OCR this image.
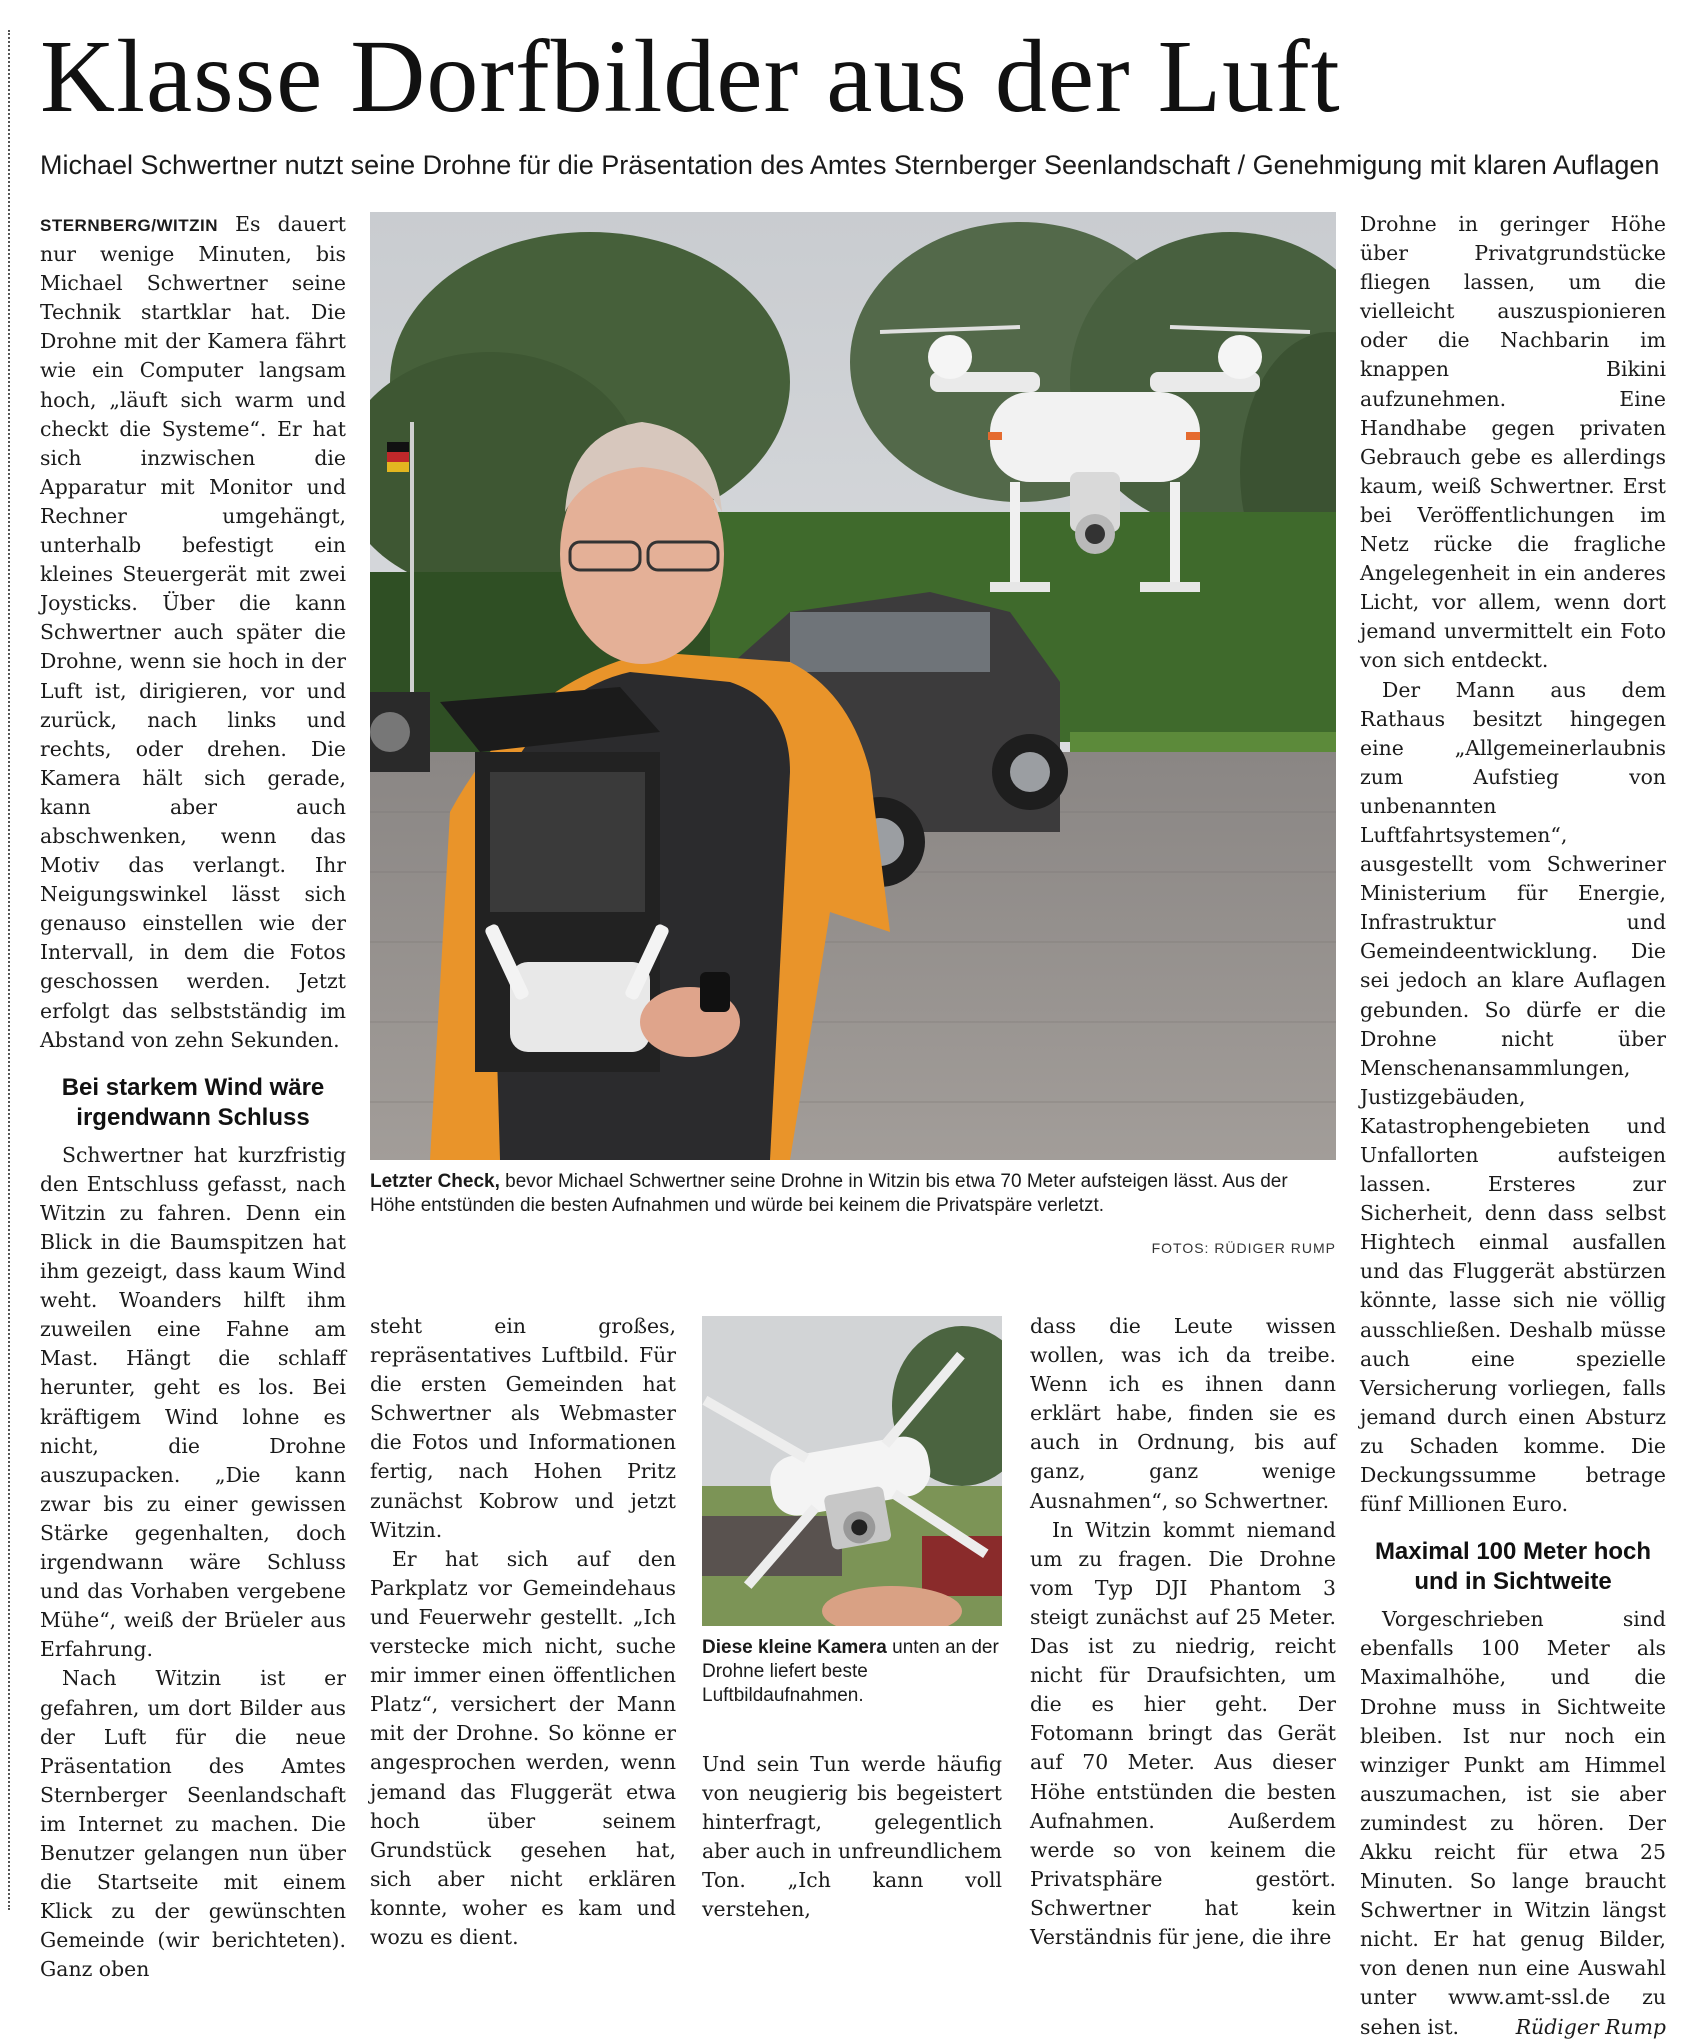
Klasse Dorfbilder aus der Luft
Michael Schwertner nutzt seine Drohne für die Präsentation des Amtes Sternberger Seenlandschaft / Genehmigung mit klaren Auflagen

STERNBERG/WITZIN Es dauert nur wenige Minuten, bis Michael Schwertner seine Technik startklar hat. Die Drohne mit der Kamera fährt wie ein Computer langsam hoch, „läuft sich warm und checkt die Systeme“. Er hat sich inzwischen die Apparatur mit Monitor und Rechner umgehängt, unterhalb befestigt ein kleines Steuergerät mit zwei Joysticks. Über die kann Schwertner auch später die Drohne, wenn sie hoch in der Luft ist, dirigieren, vor und zurück, nach links und rechts, oder drehen. Die Kamera hält sich gerade, kann aber auch abschwenken, wenn das Motiv das verlangt. Ihr Neigungswinkel lässt sich genauso einstellen wie der Intervall, in dem die Fotos geschossen werden. Jetzt erfolgt das selbstständig im Abstand von zehn Sekunden.

Bei starkem Wind wäre irgendwann Schluss

Schwertner hat kurzfristig den Entschluss gefasst, nach Witzin zu fahren. Denn ein Blick in die Baumspitzen hat ihm gezeigt, dass kaum Wind weht. Woanders hilft ihm zuweilen eine Fahne am Mast. Hängt die schlaff herunter, geht es los. Bei kräftigem Wind lohne es nicht, die Drohne auszupacken. „Die kann zwar bis zu einer gewissen Stärke gegenhalten, doch irgendwann wäre Schluss und das Vorhaben vergebene Mühe“, weiß der Brüeler aus Erfahrung.

Nach Witzin ist er gefahren, um dort Bilder aus der Luft für die neue Präsentation des Amtes Sternberger Seenlandschaft im Internet zu machen. Die Benutzer gelangen nun über die Startseite mit einem Klick zu der gewünschten Gemeinde (wir berichteten). Ganz oben

Letzter Check, bevor Michael Schwertner seine Drohne in Witzin bis etwa 70 Meter aufsteigen lässt. Aus der Höhe entstünden die besten Aufnahmen und würde bei keinem die Privatspäre verletzt.
FOTOS: RÜDIGER RUMP

steht ein großes, repräsentatives Luftbild. Für die ersten Gemeinden hat Schwertner als Webmaster die Fotos und Informationen fertig, nach Hohen Pritz zunächst Kobrow und jetzt Witzin.

Er hat sich auf den Parkplatz vor Gemeindehaus und Feuerwehr gestellt. „Ich verstecke mich nicht, suche mir immer einen öffentlichen Platz“, versichert der Mann mit der Drohne. So könne er angesprochen werden, wenn jemand das Fluggerät etwa hoch über seinem Grundstück gesehen hat, sich aber nicht erklären konnte, woher es kam und wozu es dient.

Diese kleine Kamera unten an der Drohne liefert beste Luftbildaufnahmen.

Und sein Tun werde häufig von neugierig bis begeistert hinterfragt, gelegentlich aber auch in unfreundlichem Ton. „Ich kann voll verstehen,

dass die Leute wissen wollen, was ich da treibe. Wenn ich es ihnen dann erklärt habe, finden sie es auch in Ordnung, bis auf ganz, ganz wenige Ausnahmen“, so Schwertner.

In Witzin kommt niemand um zu fragen. Die Drohne vom Typ DJI Phantom 3 steigt zunächst auf 25 Meter. Das ist zu niedrig, reicht nicht für Draufsichten, um die es hier geht. Der Fotomann bringt das Gerät auf 70 Meter. Aus dieser Höhe entstünden die besten Aufnahmen. Außerdem werde so von keinem die Privatsphäre gestört. Schwertner hat kein Verständnis für jene, die ihre

Drohne in geringer Höhe über Privatgrundstücke fliegen lassen, um die vielleicht auszuspionieren oder die Nachbarin im knappen Bikini aufzunehmen. Eine Handhabe gegen privaten Gebrauch gebe es allerdings kaum, weiß Schwertner. Erst bei Veröffentlichungen im Netz rücke die fragliche Angelegenheit in ein anderes Licht, vor allem, wenn dort jemand unvermittelt ein Foto von sich entdeckt.

Der Mann aus dem Rathaus besitzt hingegen eine „Allgemeinerlaubnis zum Aufstieg von unbenannten Luftfahrtsystemen“, ausgestellt vom Schweriner Ministerium für Energie, Infrastruktur und Gemeindeentwicklung. Die sei jedoch an klare Auflagen gebunden. So dürfe er die Drohne nicht über Menschenansammlungen, Justizgebäuden, Katastrophengebieten und Unfallorten aufsteigen lassen. Ersteres zur Sicherheit, denn dass selbst Hightech einmal ausfallen und das Fluggerät abstürzen könnte, lasse sich nie völlig ausschließen. Deshalb müsse auch eine spezielle Versicherung vorliegen, falls jemand durch einen Absturz zu Schaden komme. Die Deckungssumme betrage fünf Millionen Euro.

Maximal 100 Meter hoch und in Sichtweite

Vorgeschrieben sind ebenfalls 100 Meter als Maximalhöhe, und die Drohne muss in Sichtweite bleiben. Ist nur noch ein winziger Punkt am Himmel auszumachen, ist sie aber zumindest zu hören. Der Akku reicht für etwa 25 Minuten. So lange braucht Schwertner in Witzin längst nicht. Er hat genug Bilder, von denen nun eine Auswahl unter www.amt-ssl.de zu sehen ist.	Rüdiger Rump
